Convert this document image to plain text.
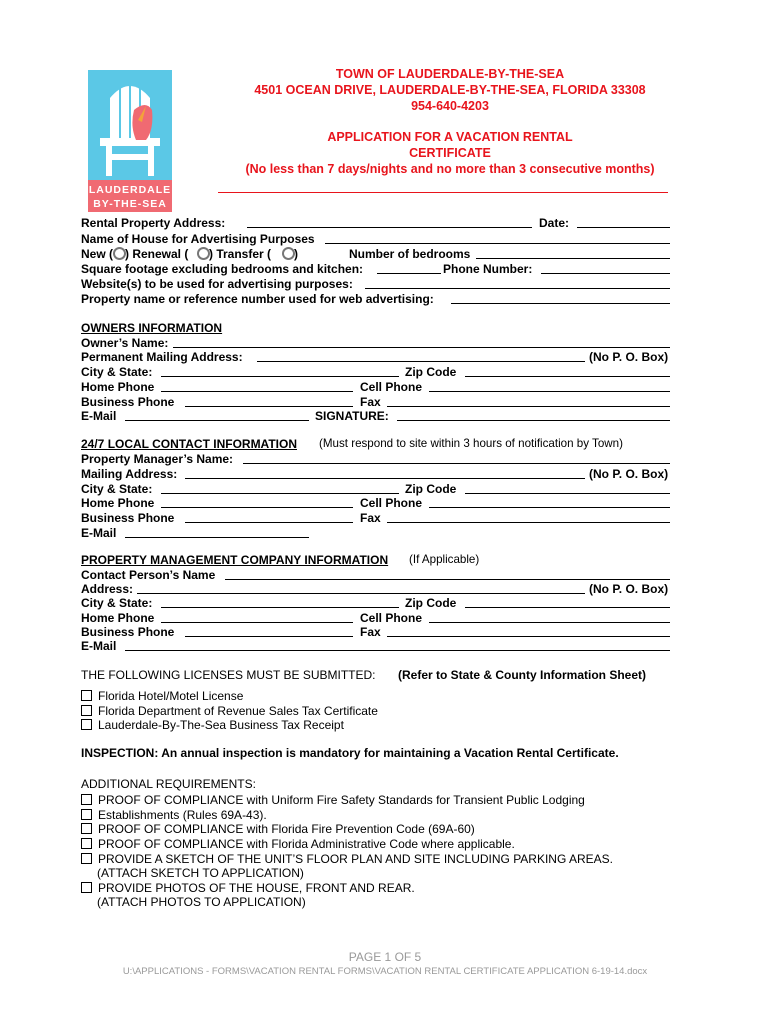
LAUDERDALE
BY-THE-SEA
TOWN OF LAUDERDALE-BY-THE-SEA
4501 OCEAN DRIVE, LAUDERDALE-BY-THE-SEA, FLORIDA 33308
954-640-4203
APPLICATION FOR A VACATION RENTAL
CERTIFICATE
(No less than 7 days/nights and no more than 3 consecutive months)
Rental Property Address:	Date:
Name of House for Advertising Purposes
New ( ) Renewal ( ) Transfer ( )	Number of bedrooms
Square footage excluding bedrooms and kitchen:	Phone Number:
Website(s) to be used for advertising purposes:
Property name or reference number used for web advertising:
OWNERS INFORMATION
Owner’s Name:
Permanent Mailing Address:	(No P. O. Box)
City & State:	Zip Code
Home Phone	Cell Phone
Business Phone	Fax
E-Mail	SIGNATURE:
24/7 LOCAL CONTACT INFORMATION (Must respond to site within 3 hours of notification by Town)
Property Manager’s Name:
Mailing Address:	(No P. O. Box)
City & State:	Zip Code
Home Phone	Cell Phone
Business Phone	Fax
E-Mail
PROPERTY MANAGEMENT COMPANY INFORMATION (If Applicable)
Contact Person’s Name
Address:	(No P. O. Box)
City & State:	Zip Code
Home Phone	Cell Phone
Business Phone	Fax
E-Mail
THE FOLLOWING LICENSES MUST BE SUBMITTED: (Refer to State & County Information Sheet)
Florida Hotel/Motel License
Florida Department of Revenue Sales Tax Certificate
Lauderdale-By-The-Sea Business Tax Receipt
INSPECTION: An annual inspection is mandatory for maintaining a Vacation Rental Certificate.
ADDITIONAL REQUIREMENTS:
PROOF OF COMPLIANCE with Uniform Fire Safety Standards for Transient Public Lodging
Establishments (Rules 69A-43).
PROOF OF COMPLIANCE with Florida Fire Prevention Code (69A-60)
PROOF OF COMPLIANCE with Florida Administrative Code where applicable.
PROVIDE A SKETCH OF THE UNIT’S FLOOR PLAN AND SITE INCLUDING PARKING AREAS.
(ATTACH SKETCH TO APPLICATION)
PROVIDE PHOTOS OF THE HOUSE, FRONT AND REAR.
(ATTACH PHOTOS TO APPLICATION)
PAGE 1 OF 5
U:\APPLICATIONS - FORMS\VACATION RENTAL FORMS\VACATION RENTAL CERTIFICATE APPLICATION 6-19-14.docx
